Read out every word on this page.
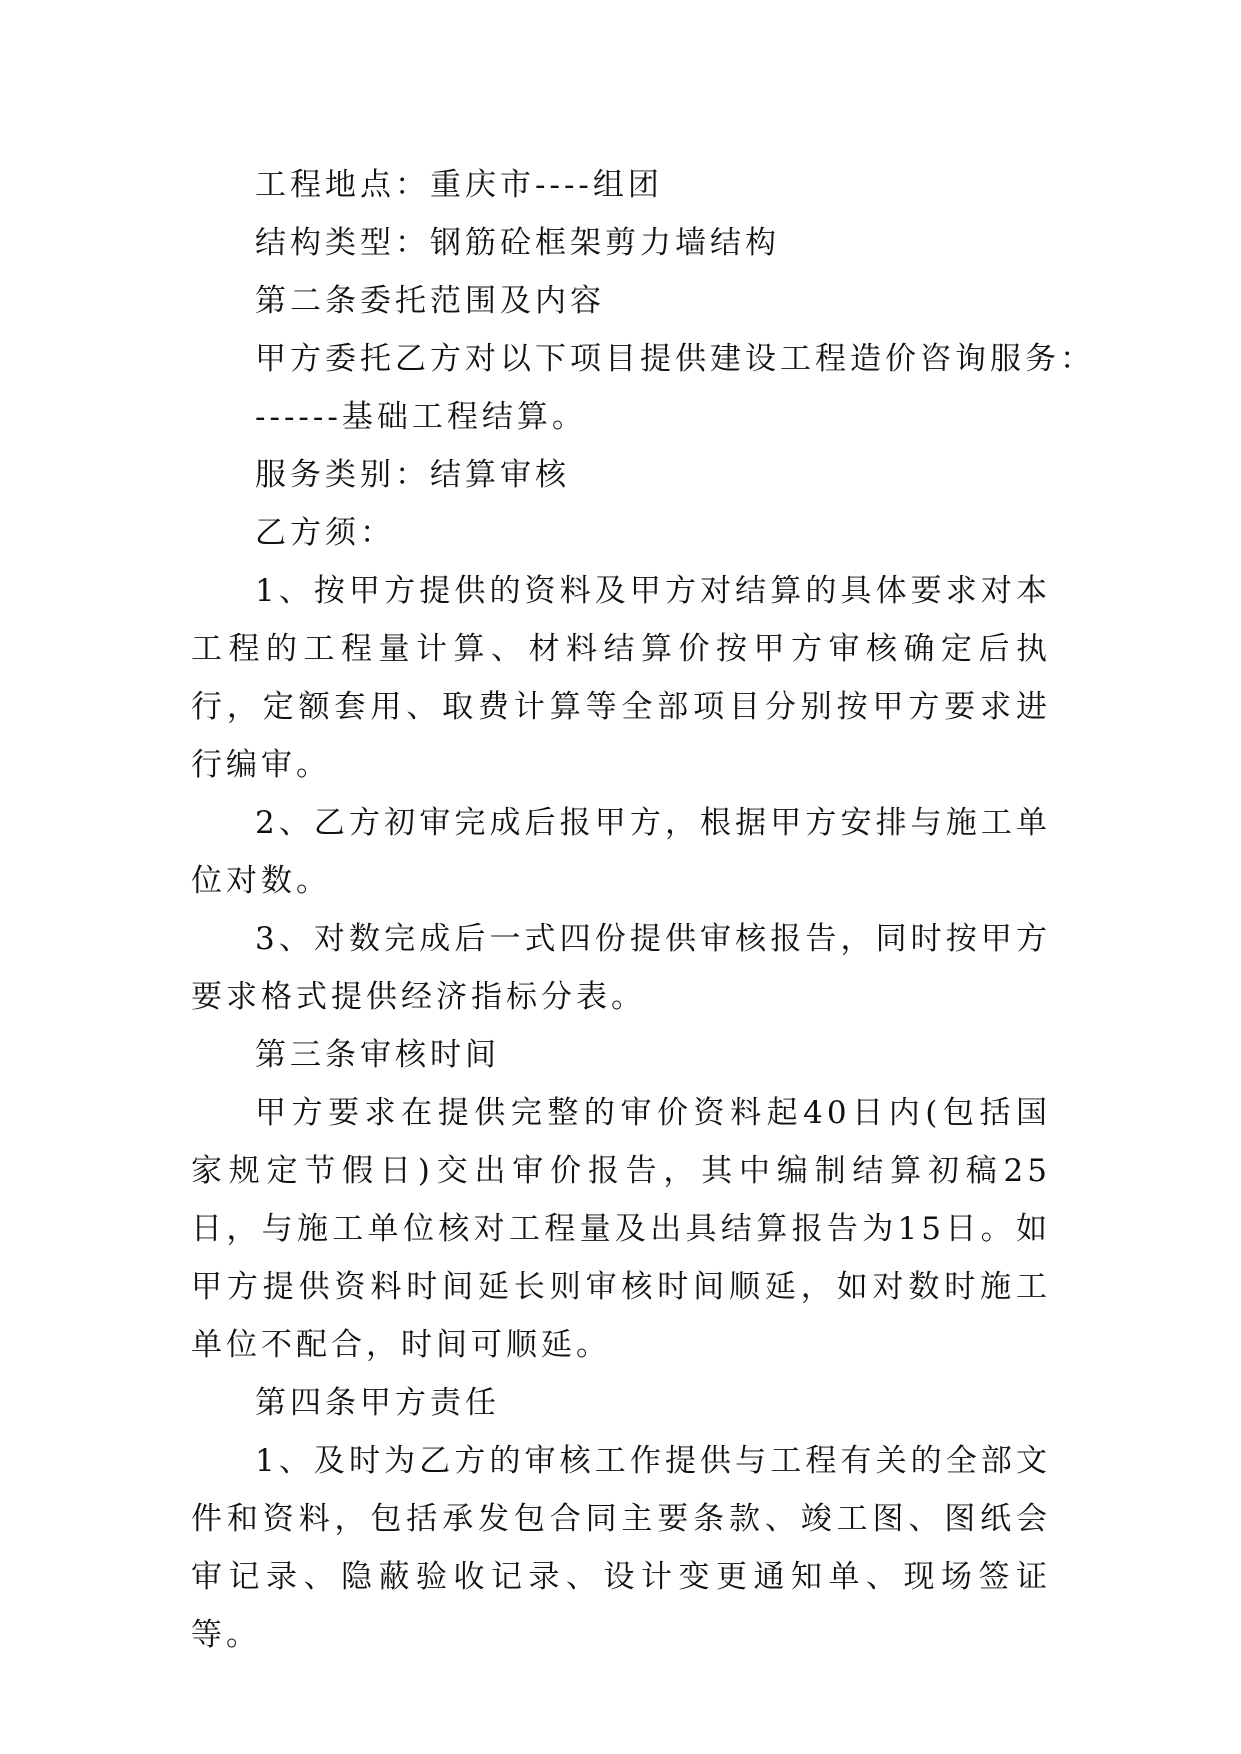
工程地点：重庆市----组团
结构类型：钢筋砼框架剪力墙结构
第二条委托范围及内容
甲方委托乙方对以下项目提供建设工程造价咨询服务：
------基础工程结算。
服务类别：结算审核
乙方须：

1、按甲方提供的资料及甲方对结算的具体要求对本工程的工程量计算、材料结算价按甲方审核确定后执行，定额套用、取费计算等全部项目分别按甲方要求进行编审。

2、乙方初审完成后报甲方，根据甲方安排与施工单位对数。

3、对数完成后一式四份提供审核报告，同时按甲方要求格式提供经济指标分表。

第三条审核时间

甲方要求在提供完整的审价资料起40日内(包括国家规定节假日)交出审价报告，其中编制结算初稿25日，与施工单位核对工程量及出具结算报告为15日。如甲方提供资料时间延长则审核时间顺延，如对数时施工单位不配合，时间可顺延。

第四条甲方责任

1、及时为乙方的审核工作提供与工程有关的全部文件和资料，包括承发包合同主要条款、竣工图、图纸会审记录、隐蔽验收记录、设计变更通知单、现场签证等。
